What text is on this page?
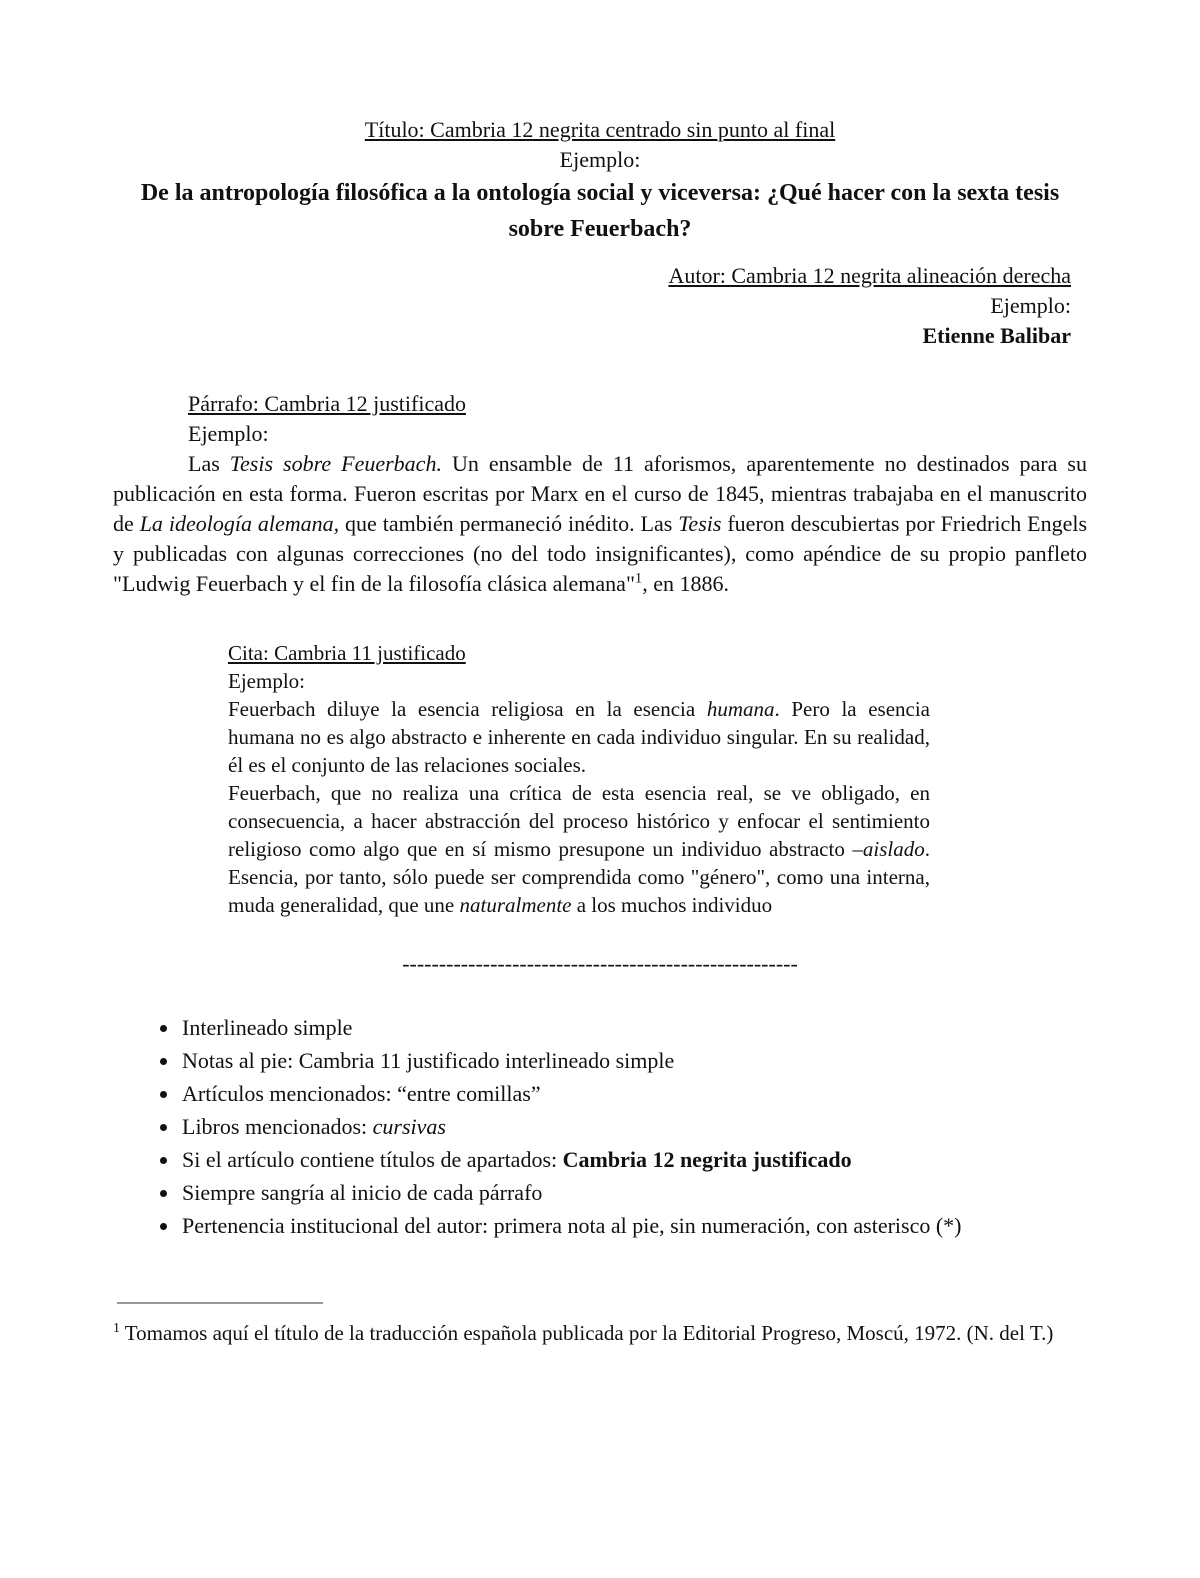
Título: Cambria 12 negrita centrado sin punto al final

Ejemplo:

De la antropología filosófica a la ontología social y viceversa: ¿Qué hacer con la sexta tesis sobre Feuerbach?

Autor: Cambria 12 negrita alineación derecha

Ejemplo:

Etienne Balibar

Párrafo: Cambria 12 justificado

Ejemplo:

Las Tesis sobre Feuerbach. Un ensamble de 11 aforismos, aparentemente no destinados para su publicación en esta forma. Fueron escritas por Marx en el curso de 1845, mientras trabajaba en el manuscrito de La ideología alemana, que también permaneció inédito. Las Tesis fueron descubiertas por Friedrich Engels y publicadas con algunas correcciones (no del todo insignificantes), como apéndice de su propio panfleto "Ludwig Feuerbach y el fin de la filosofía clásica alemana"$^1$, en 1886.

Cita: Cambria 11 justificado

Ejemplo:

Feuerbach diluye la esencia religiosa en la esencia humana. Pero la esencia humana no es algo abstracto e inherente en cada individuo singular. En su realidad, él es el conjunto de las relaciones sociales.

Feuerbach, que no realiza una crítica de esta esencia real, se ve obligado, en consecuencia, a hacer abstracción del proceso histórico y enfocar el sentimiento religioso como algo que en sí mismo presupone un individuo abstracto –aislado. Esencia, por tanto, sólo puede ser comprendida como "género", como una interna, muda generalidad, que une naturalmente a los muchos individuo

------------------------------------------------------

• Interlineado simple
• Notas al pie: Cambria 11 justificado interlineado simple
• Artículos mencionados: “entre comillas”
• Libros mencionados: cursivas
• Si el artículo contiene títulos de apartados: Cambria 12 negrita justificado
• Siempre sangría al inicio de cada párrafo
• Pertenencia institucional del autor: primera nota al pie, sin numeración, con asterisco (*)

$^1$ Tomamos aquí el título de la traducción española publicada por la Editorial Progreso, Moscú, 1972. (N. del T.)
